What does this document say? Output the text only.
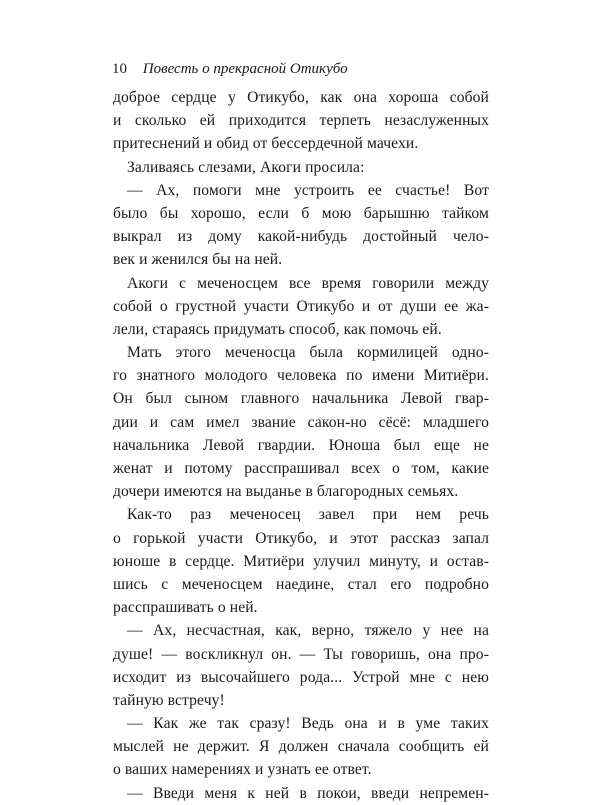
10 Повесть о прекрасной Отикубо
доброе сердце у Отикубо, как она хороша собой
и сколько ей приходится терпеть незаслуженных
притеснений и обид от бессердечной мачехи.
Заливаясь слезами, Акоги просила:
— Ах, помоги мне устроить ее счастье! Вот
было бы хорошо, если б мою барышню тайком
выкрал из дому какой-нибудь достойный чело-
век и женился бы на ней.
Акоги с меченосцем все время говорили между
собой о грустной участи Отикубо и от души ее жа-
лели, стараясь придумать способ, как помочь ей.
Мать этого меченосца была кормилицей одно-
го знатного молодого человека по имени Митиёри.
Он был сыном главного начальника Левой гвар-
дии и сам имел звание сакон-но сёсё: младшего
начальника Левой гвардии. Юноша был еще не
женат и потому расспрашивал всех о том, какие
дочери имеются на выданье в благородных семьях.
Как-то раз меченосец завел при нем речь
о горькой участи Отикубо, и этот рассказ запал
юноше в сердце. Митиёри улучил минуту, и остав-
шись с меченосцем наедине, стал его подробно
расспрашивать о ней.
— Ах, несчастная, как, верно, тяжело у нее на
душе! — воскликнул он. — Ты говоришь, она про-
исходит из высочайшего рода... Устрой мне с нею
тайную встречу!
— Как же так сразу! Ведь она и в уме таких
мыслей не держит. Я должен сначала сообщить ей
о ваших намерениях и узнать ее ответ.
— Введи меня к ней в покои, введи непремен-
